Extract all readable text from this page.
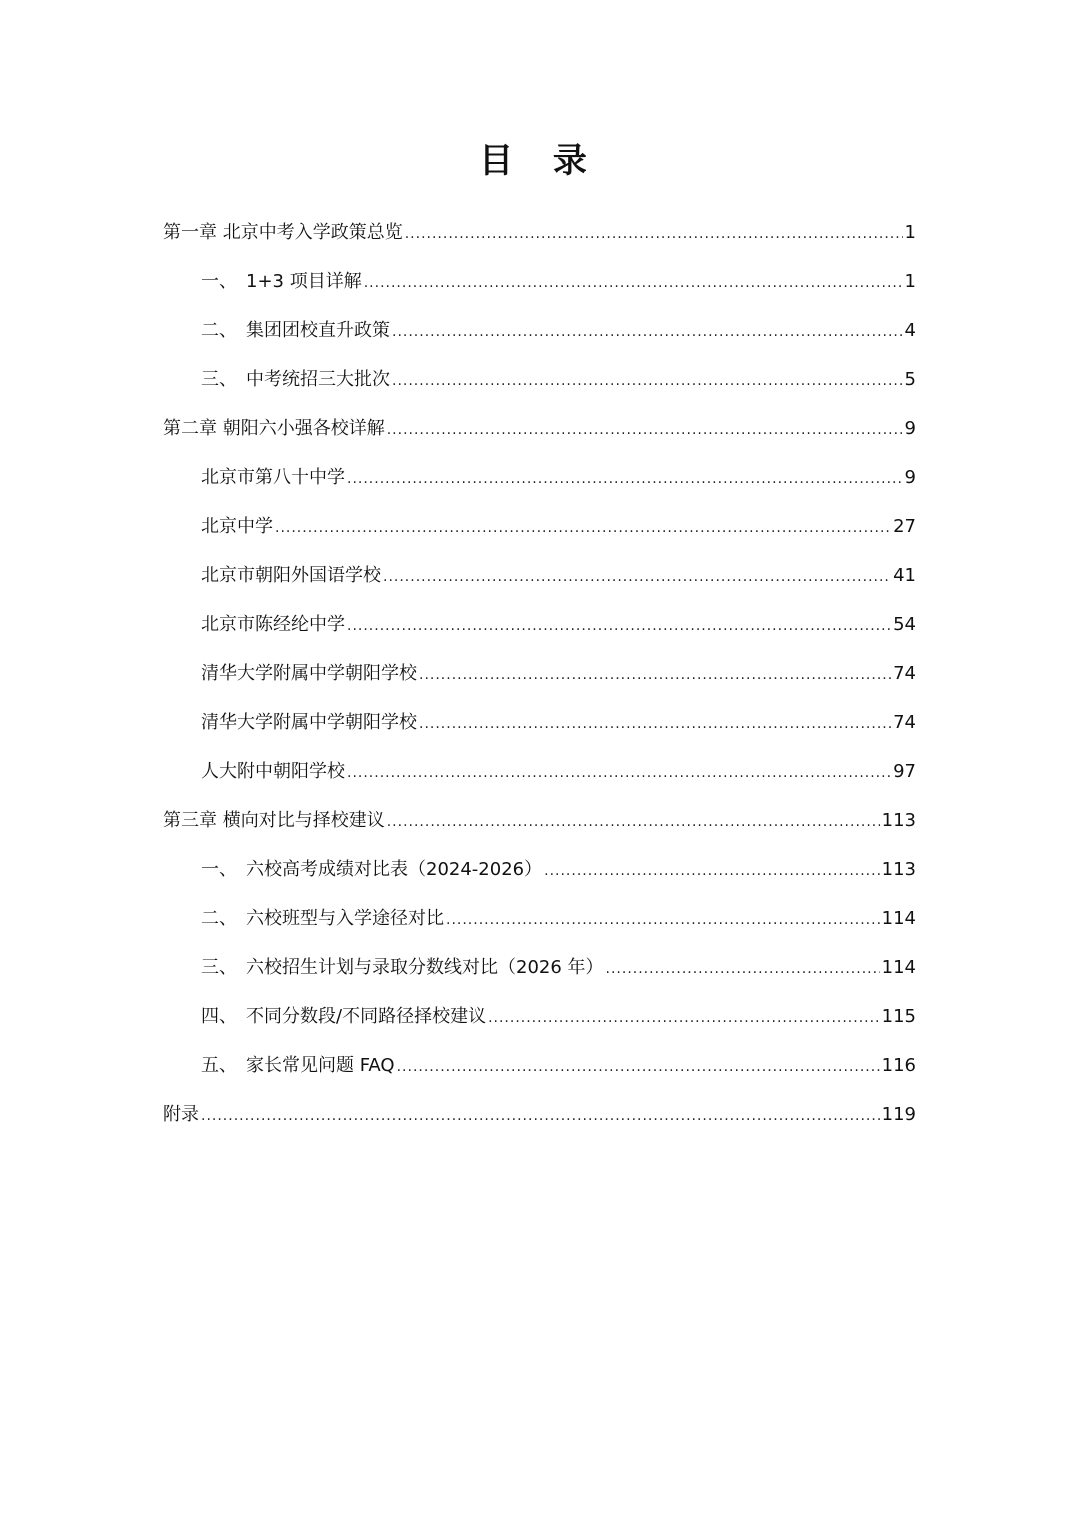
目 录
第一章 北京中考入学政策总览 .....	1
一、 1+3 项目详解 .....	1
二、 集团团校直升政策 .....	4
三、 中考统招三大批次 .....	5
第二章 朝阳六小强各校详解 .....	9
北京市第八十中学 .....	9
北京中学 .....	27
北京市朝阳外国语学校 .....	41
北京市陈经纶中学 .....	54
清华大学附属中学朝阳学校 .....	74
清华大学附属中学朝阳学校 .....	74
人大附中朝阳学校 .....	97
第三章 横向对比与择校建议 .....	113
一、 六校高考成绩对比表（2024-2026） .....	113
二、 六校班型与入学途径对比 .....	114
三、 六校招生计划与录取分数线对比（2026 年） .....	114
四、 不同分数段/不同路径择校建议 .....	115
五、 家长常见问题 FAQ .....	116
附录 .....	119
